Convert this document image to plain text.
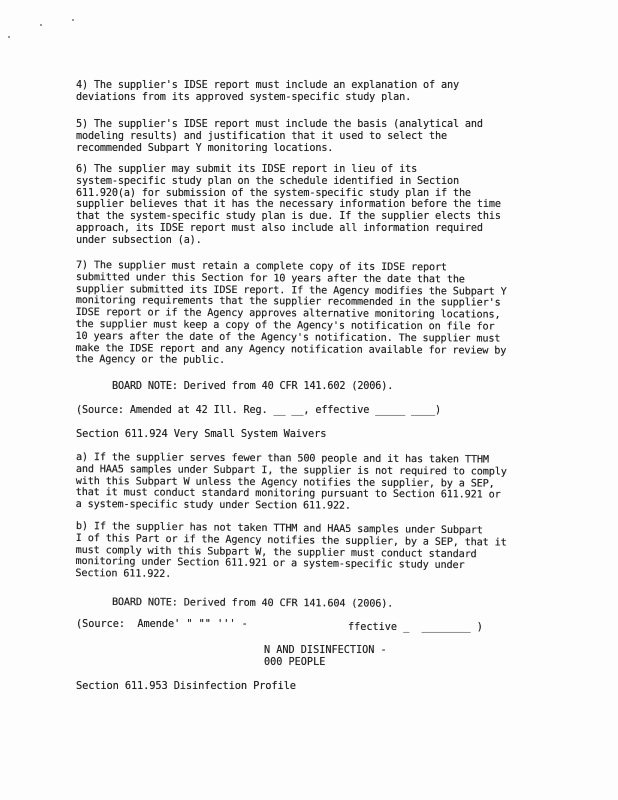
4) The supplier's IDSE report must include an explanation of any
deviations from its approved system-specific study plan.

5) The supplier's IDSE report must include the basis (analytical and
modeling results) and justification that it used to select the
recommended Subpart Y monitoring locations.

6) The supplier may submit its IDSE report in lieu of its
system-specific study plan on the schedule identified in Section
611.920(a) for submission of the system-specific study plan if the
supplier believes that it has the necessary information before the time
that the system-specific study plan is due. If the supplier elects this
approach, its IDSE report must also include all information required
under subsection (a).

7) The supplier must retain a complete copy of its IDSE report
submitted under this Section for 10 years after the date that the
supplier submitted its IDSE report. If the Agency modifies the Subpart Y
monitoring requirements that the supplier recommended in the supplier's
IDSE report or if the Agency approves alternative monitoring locations,
the supplier must keep a copy of the Agency's notification on file for
10 years after the date of the Agency's notification. The supplier must
make the IDSE report and any Agency notification available for review by
the Agency or the public.

BOARD NOTE: Derived from 40 CFR 141.602 (2006).

(Source: Amended at 42 Ill. Reg. __ __, effective _____ ____)

Section 611.924 Very Small System Waivers

a) If the supplier serves fewer than 500 people and it has taken TTHM
and HAA5 samples under Subpart I, the supplier is not required to comply
with this Subpart W unless the Agency notifies the supplier, by a SEP,
that it must conduct standard monitoring pursuant to Section 611.921 or
a system-specific study under Section 611.922.

b) If the supplier has not taken TTHM and HAA5 samples under Subpart
I of this Part or if the Agency notifies the supplier, by a SEP, that it
must comply with this Subpart W, the supplier must conduct standard
monitoring under Section 611.921 or a system-specific study under
Section 611.922.

BOARD NOTE: Derived from 40 CFR 141.604 (2006).

(Source:  Amende' " "" ''' -	ffective _  ________ )
N AND DISINFECTION -
000 PEOPLE

Section 611.953 Disinfection Profile
